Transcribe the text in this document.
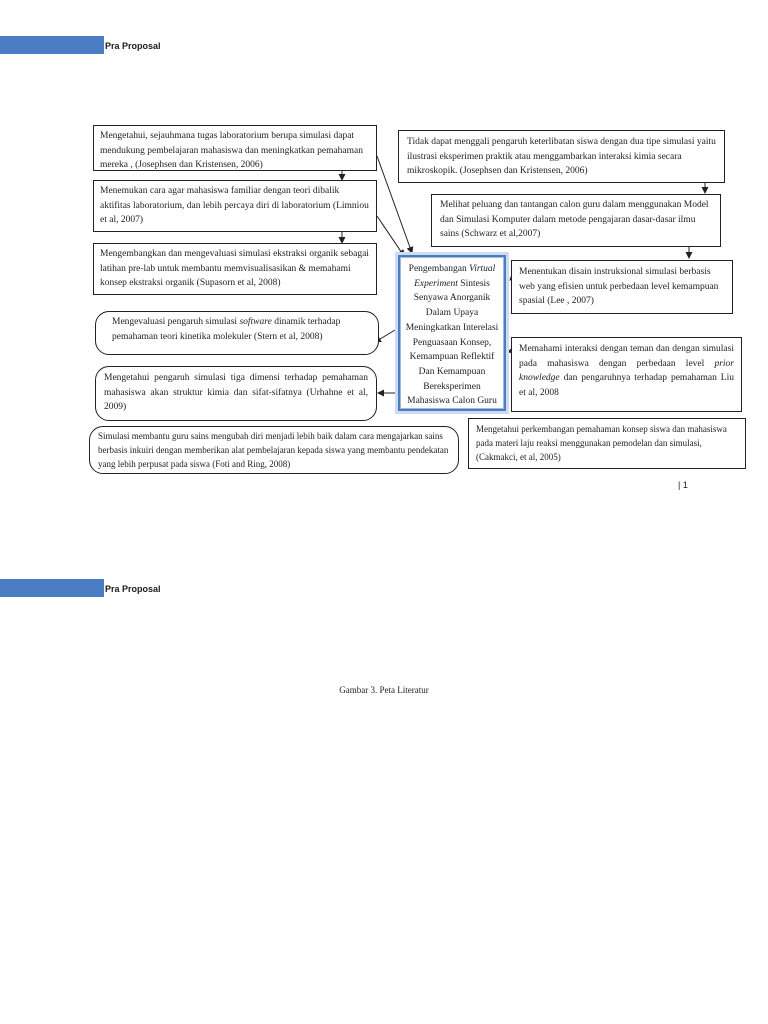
Pra Proposal

Mengetahui, sejauhmana tugas laboratorium berupa simulasi dapat mendukung pembelajaran mahasiswa dan meningkatkan pemahaman mereka , (Josephsen dan Kristensen, 2006)

Menemukan cara agar mahasiswa familiar dengan teori dibalik aktifitas laboratorium, dan lebih percaya diri di laboratorium (Limniou et al, 2007)

Mengembangkan dan mengevaluasi simulasi ekstraksi organik sebagai latihan pre-lab untuk membantu memvisualisasikan & memahami konsep ekstraksi organik (Supasorn et al, 2008)

Mengevaluasi pengaruh simulasi software dinamik terhadap pemahaman teori kinetika molekuler (Stern et al, 2008)

Mengetahui pengaruh simulasi tiga dimensi terhadap pemahaman mahasiswa akan struktur kimia dan sifat-sifatnya (Urhahne et al, 2009)

Simulasi membantu guru sains mengubah diri menjadi lebih baik dalam cara mengajarkan sains berbasis inkuiri dengan memberikan alat pembelajaran kepada siswa yang membantu pendekatan yang lebih perpusat pada siswa (Foti and Ring, 2008)

Pengembangan Virtual Experiment Sintesis Senyawa Anorganik Dalam Upaya Meningkatkan Interelasi Penguasaan Konsep, Kemampuan Reflektif Dan Kemampuan Bereksperimen Mahasiswa Calon Guru

Tidak dapat menggali pengaruh keterlibatan siswa dengan dua tipe simulasi yaitu ilustrasi eksperimen praktik atau menggambarkan interaksi kimia secara mikroskopik. (Josephsen dan Kristensen, 2006)

Melihat peluang dan tantangan calon guru dalam menggunakan Model dan Simulasi Komputer dalam metode pengajaran dasar-dasar ilmu sains (Schwarz et al,2007)

Menentukan disain instruksional simulasi berbasis web yang efisien untuk perbedaan level kemampuan spasial (Lee , 2007)

Memahami interaksi dengan teman dan dengan simulasi pada mahasiswa dengan perbedaan level prior knowledge dan pengaruhnya terhadap pemahaman Liu et al, 2008

Mengetahui perkembangan pemahaman konsep siswa dan mahasiswa pada materi laju reaksi menggunakan pemodelan dan simulasi, (Cakmakci, et al, 2005)

| 1
Pra Proposal
Gambar 3. Peta Literatur
